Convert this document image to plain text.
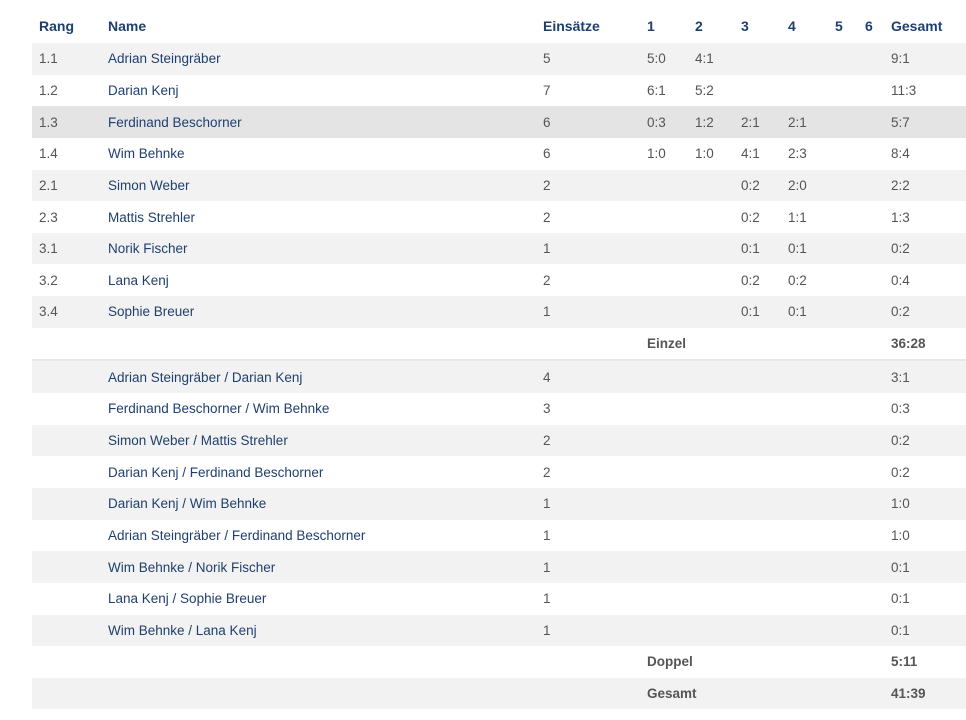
Rang	Name	Einsätze	1	2	3	4	5	6	Gesamt
1.1	Adrian Steingräber	5	5:0	4:1					9:1
1.2	Darian Kenj	7	6:1	5:2					11:3
1.3	Ferdinand Beschorner	6	0:3	1:2	2:1	2:1			5:7
1.4	Wim Behnke	6	1:0	1:0	4:1	2:3			8:4
2.1	Simon Weber	2			0:2	2:0			2:2
2.3	Mattis Strehler	2			0:2	1:1			1:3
3.1	Norik Fischer	1			0:1	0:1			0:2
3.2	Lana Kenj	2			0:2	0:2			0:4
3.4	Sophie Breuer	1			0:1	0:1			0:2
			Einzel						36:28
	Adrian Steingräber / Darian Kenj	4							3:1
	Ferdinand Beschorner / Wim Behnke	3							0:3
	Simon Weber / Mattis Strehler	2							0:2
	Darian Kenj / Ferdinand Beschorner	2							0:2
	Darian Kenj / Wim Behnke	1							1:0
	Adrian Steingräber / Ferdinand Beschorner	1							1:0
	Wim Behnke / Norik Fischer	1							0:1
	Lana Kenj / Sophie Breuer	1							0:1
	Wim Behnke / Lana Kenj	1							0:1
			Doppel						5:11
			Gesamt						41:39
